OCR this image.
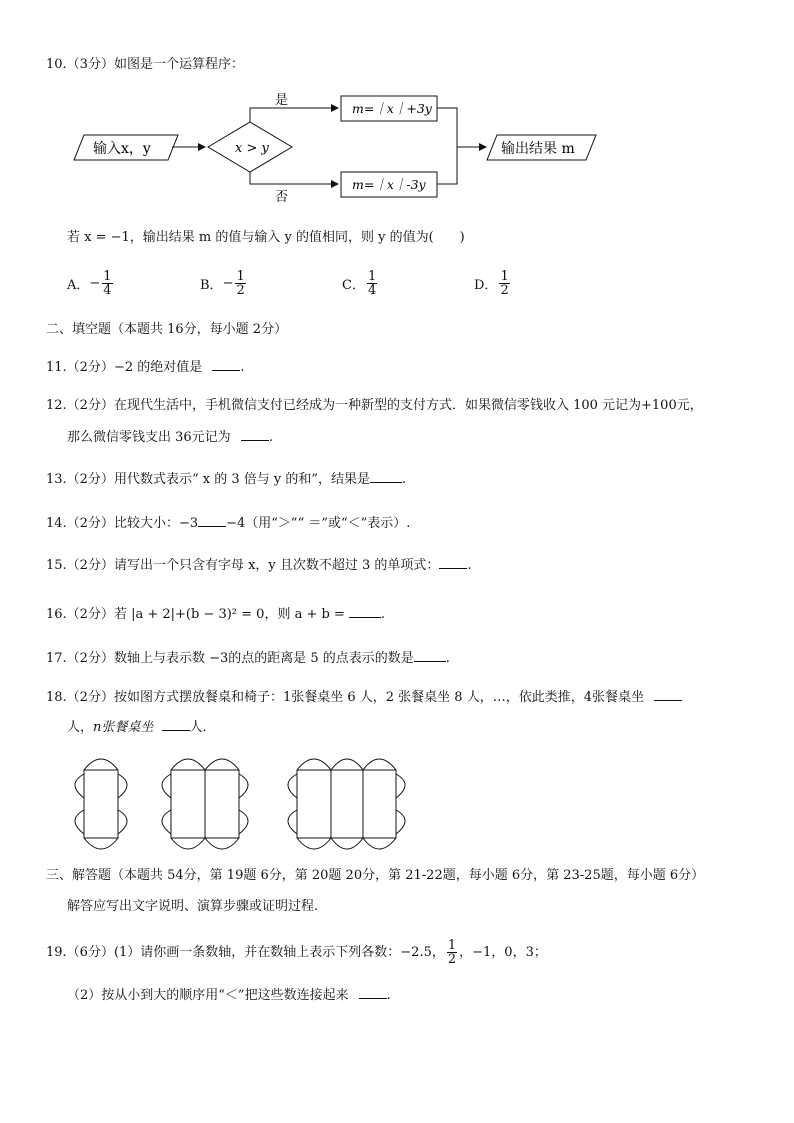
10.（3分）如图是一个运算程序：
输入x，y	x > y
是
否
m=｜x｜+3y
m=｜x｜-3y
输出结果 m
若 x = −1，输出结果 m 的值与输入 y 的值相同，则 y 的值为(　　)
A． − $\frac{1}{4}$	B． − $\frac{1}{2}$	C． $\frac{1}{4}$	D． $\frac{1}{2}$
二、填空题（本题共 16分，每小题 2分）
11.（2分）−2 的绝对值是	.
12.（2分）在现代生活中，手机微信支付已经成为一种新型的支付方式．如果微信零钱收入 100 元记为+100元，
那么微信零钱支出 36元记为	.
13.（2分）用代数式表示“ x 的 3 倍与 y 的和”，结果是 .
14.（2分）比较大小：−3 −4（用“＞”“ ＝”或“＜”表示）.
15.（2分）请写出一个只含有字母 x，y 且次数不超过 3 的单项式： .
16.（2分）若 |a + 2|+(b − 3)² = 0，则 a + b =	.
17.（2分）数轴上与表示数 −3的点的距离是 5 的点表示的数是 .
18.（2分）按如图方式摆放餐桌和椅子：1张餐桌坐 6 人，2 张餐桌坐 8 人，…，依此类推，4张餐桌坐
人，n张餐桌坐	人．
三、解答题（本题共 54分，第 19题 6分，第 20题 20分，第 21-22题，每小题 6分，第 23-25题，每小题 6分）
解答应写出文字说明、演算步骤或证明过程.
19.（6分）(1）请你画一条数轴，并在数轴上表示下列各数：−2.5， $\frac{1}{2}$ ，−1，0，3；
（2）按从小到大的顺序用“＜”把这些数连接起来	.
